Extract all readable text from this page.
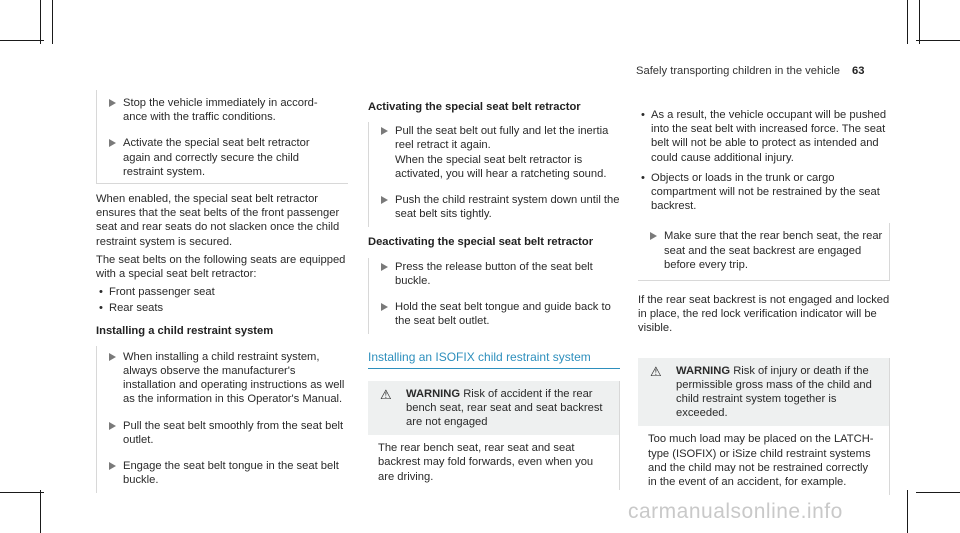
Safely transporting children in the vehicle 63
Stop the vehicle immediately in accord-
ance with the traffic conditions.
Activate the special seat belt retractor
again and correctly secure the child
restraint system.

When enabled, the special seat belt retractor ensures that the seat belts of the front passenger seat and rear seats do not slacken once the child restraint system is secured.

The seat belts on the following seats are equipped with a special seat belt retractor:

• Front passenger seat
• Rear seats
Installing a child restraint system
When installing a child restraint system, always observe the manufacturer's installation and operating instructions as well as the information in this Operator's Manual.
Pull the seat belt smoothly from the seat belt outlet.
Engage the seat belt tongue in the seat belt buckle.
Activating the special seat belt retractor
Pull the seat belt out fully and let the inertia reel retract it again.
When the special seat belt retractor is activated, you will hear a ratcheting sound.
Push the child restraint system down until the seat belt sits tightly.
Deactivating the special seat belt retractor
Press the release button of the seat belt buckle.
Hold the seat belt tongue and guide back to the seat belt outlet.
Installing an ISOFIX child restraint system
⚠ WARNING Risk of accident if the rear bench seat, rear seat and seat backrest are not engaged
The rear bench seat, rear seat and seat backrest may fold forwards, even when you are driving.
• As a result, the vehicle occupant will be pushed into the seat belt with increased force. The seat belt will not be able to protect as intended and could cause additional injury.
• Objects or loads in the trunk or cargo compartment will not be restrained by the seat backrest.
Make sure that the rear bench seat, the rear seat and the seat backrest are engaged before every trip.

If the rear seat backrest is not engaged and locked in place, the red lock verification indicator will be visible.

⚠ WARNING Risk of injury or death if the permissible gross mass of the child and child restraint system together is exceeded.
Too much load may be placed on the LATCH-type (ISOFIX) or iSize child restraint systems and the child may not be restrained correctly in the event of an accident, for example.
carmanualsonline.info
